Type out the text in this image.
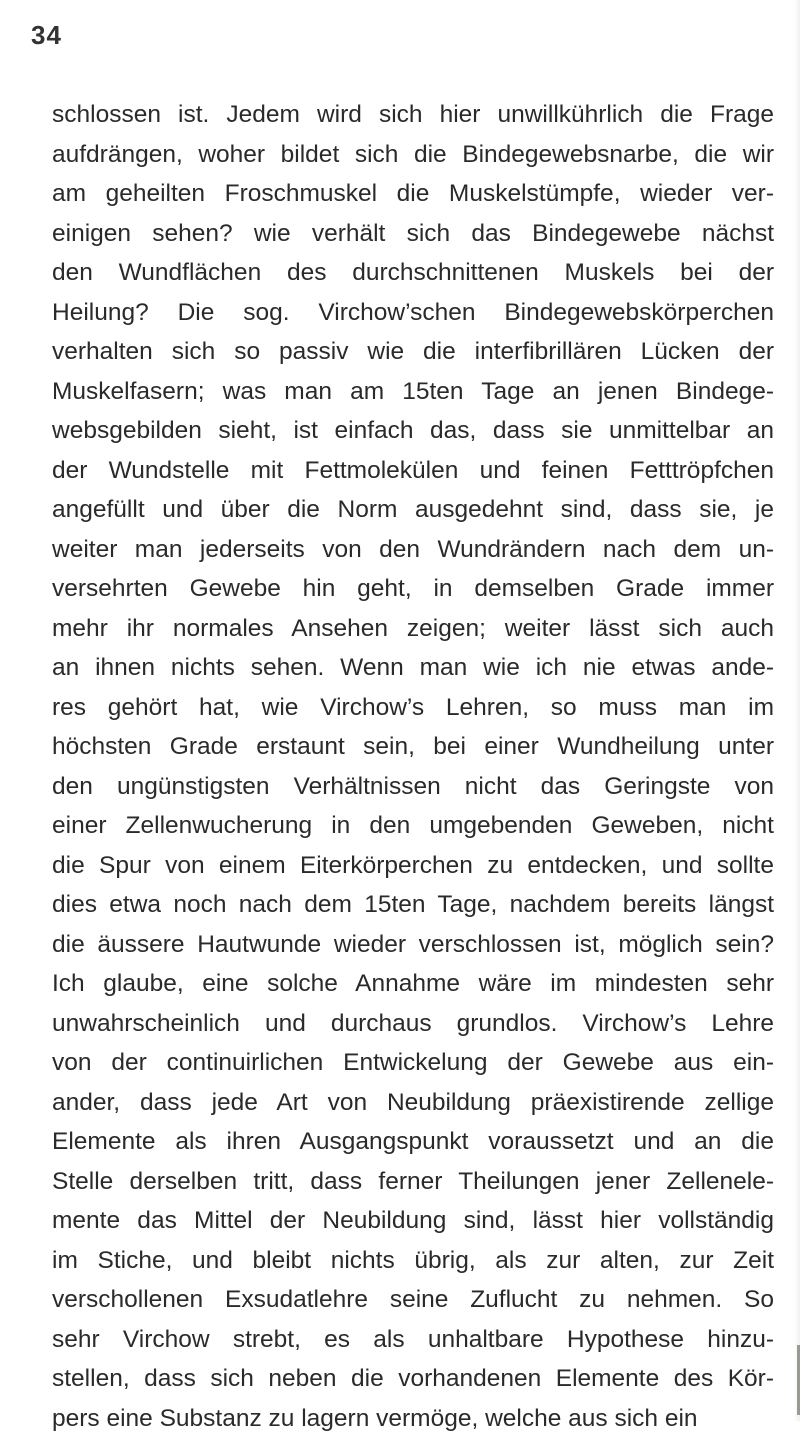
34
schlossen ist. Jedem wird sich hier unwillkührlich die Frage
aufdrängen, woher bildet sich die Bindegewebsnarbe, die wir
am geheilten Froschmuskel die Muskelstümpfe, wieder ver-
einigen sehen? wie verhält sich das Bindegewebe nächst
den Wundflächen des durchschnittenen Muskels bei der
Heilung? Die sog. Virchow’schen Bindegewebskörperchen
verhalten sich so passiv wie die interfibrillären Lücken der
Muskelfasern; was man am 15ten Tage an jenen Bindege-
websgebilden sieht, ist einfach das, dass sie unmittelbar an
der Wundstelle mit Fettmolekülen und feinen Fetttröpfchen
angefüllt und über die Norm ausgedehnt sind, dass sie, je
weiter man jederseits von den Wundrändern nach dem un-
versehrten Gewebe hin geht, in demselben Grade immer
mehr ihr normales Ansehen zeigen; weiter lässt sich auch
an ihnen nichts sehen. Wenn man wie ich nie etwas ande-
res gehört hat, wie Virchow’s Lehren, so muss man im
höchsten Grade erstaunt sein, bei einer Wundheilung unter
den ungünstigsten Verhältnissen nicht das Geringste von
einer Zellenwucherung in den umgebenden Geweben, nicht
die Spur von einem Eiterkörperchen zu entdecken, und sollte
dies etwa noch nach dem 15ten Tage, nachdem bereits längst
die äussere Hautwunde wieder verschlossen ist, möglich sein?
Ich glaube, eine solche Annahme wäre im mindesten sehr
unwahrscheinlich und durchaus grundlos. Virchow’s Lehre
von der continuirlichen Entwickelung der Gewebe aus ein-
ander, dass jede Art von Neubildung präexistirende zellige
Elemente als ihren Ausgangspunkt voraussetzt und an die
Stelle derselben tritt, dass ferner Theilungen jener Zellenele-
mente das Mittel der Neubildung sind, lässt hier vollständig
im Stiche, und bleibt nichts übrig, als zur alten, zur Zeit
verschollenen Exsudatlehre seine Zuflucht zu nehmen. So
sehr Virchow strebt, es als unhaltbare Hypothese hinzu-
stellen, dass sich neben die vorhandenen Elemente des Kör-
pers eine Substanz zu lagern vermöge, welche aus sich ein
